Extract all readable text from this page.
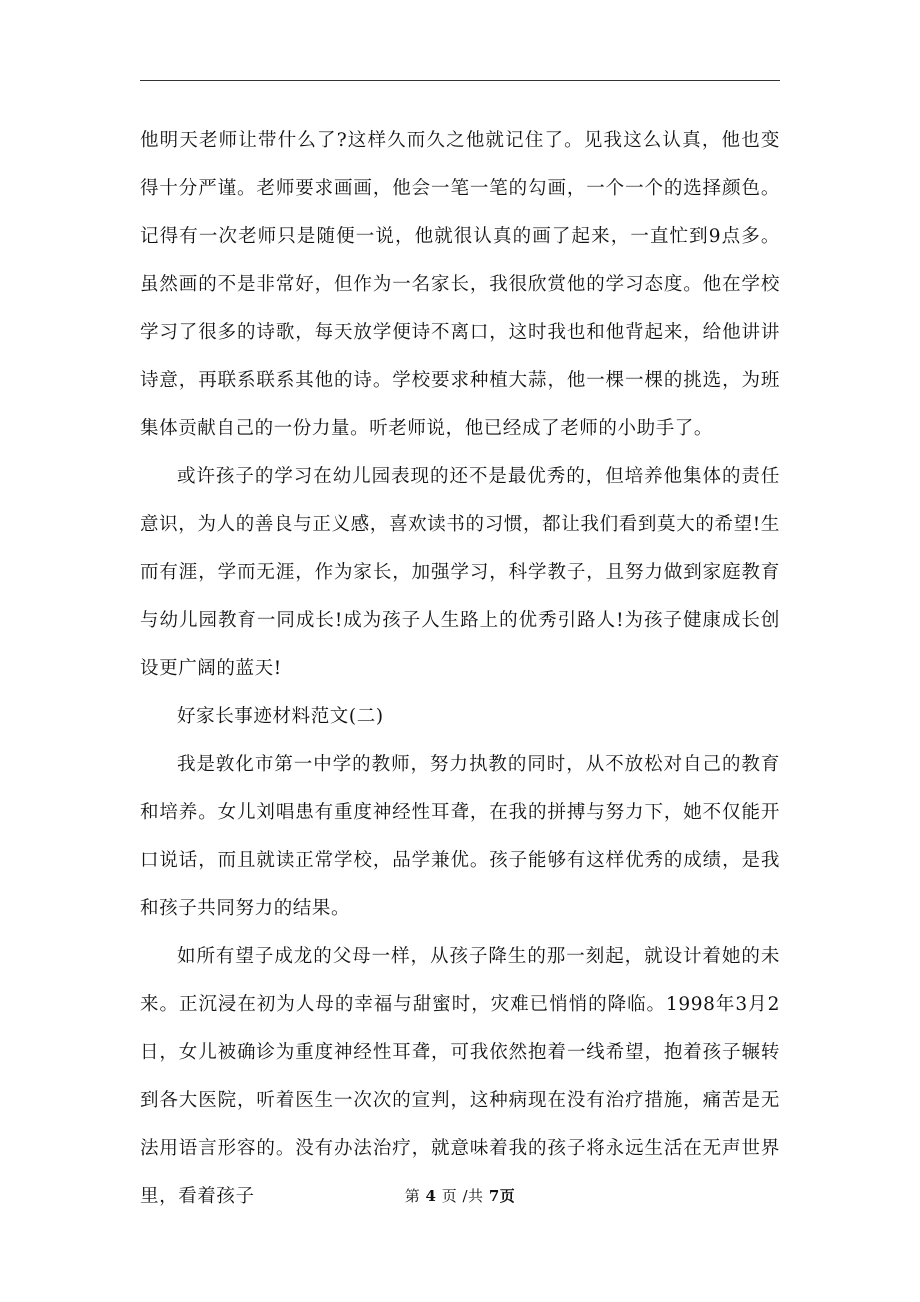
他明天老师让带什么了?这样久而久之他就记住了。见我这么认真，他也变得十分严谨。老师要求画画，他会一笔一笔的勾画，一个一个的选择颜色。记得有一次老师只是随便一说，他就很认真的画了起来，一直忙到9点多。虽然画的不是非常好，但作为一名家长，我很欣赏他的学习态度。他在学校学习了很多的诗歌，每天放学便诗不离口，这时我也和他背起来，给他讲讲诗意，再联系联系其他的诗。学校要求种植大蒜，他一棵一棵的挑选，为班集体贡献自己的一份力量。听老师说，他已经成了老师的小助手了。

或许孩子的学习在幼儿园表现的还不是最优秀的，但培养他集体的责任意识，为人的善良与正义感，喜欢读书的习惯，都让我们看到莫大的希望!生而有涯，学而无涯，作为家长，加强学习，科学教子，且努力做到家庭教育与幼儿园教育一同成长!成为孩子人生路上的优秀引路人!为孩子健康成长创设更广阔的蓝天!

好家长事迹材料范文(二)

我是敦化市第一中学的教师，努力执教的同时，从不放松对自己的教育和培养。女儿刘唱患有重度神经性耳聋，在我的拼搏与努力下，她不仅能开口说话，而且就读正常学校，品学兼优。孩子能够有这样优秀的成绩，是我和孩子共同努力的结果。

如所有望子成龙的父母一样，从孩子降生的那一刻起，就设计着她的未来。正沉浸在初为人母的幸福与甜蜜时，灾难已悄悄的降临。1998年3月2日，女儿被确诊为重度神经性耳聋，可我依然抱着一线希望，抱着孩子辗转到各大医院，听着医生一次次的宣判，这种病现在没有治疗措施，痛苦是无法用语言形容的。没有办法治疗，就意味着我的孩子将永远生活在无声世界里，看着孩子	第 4 页 /共 7页
